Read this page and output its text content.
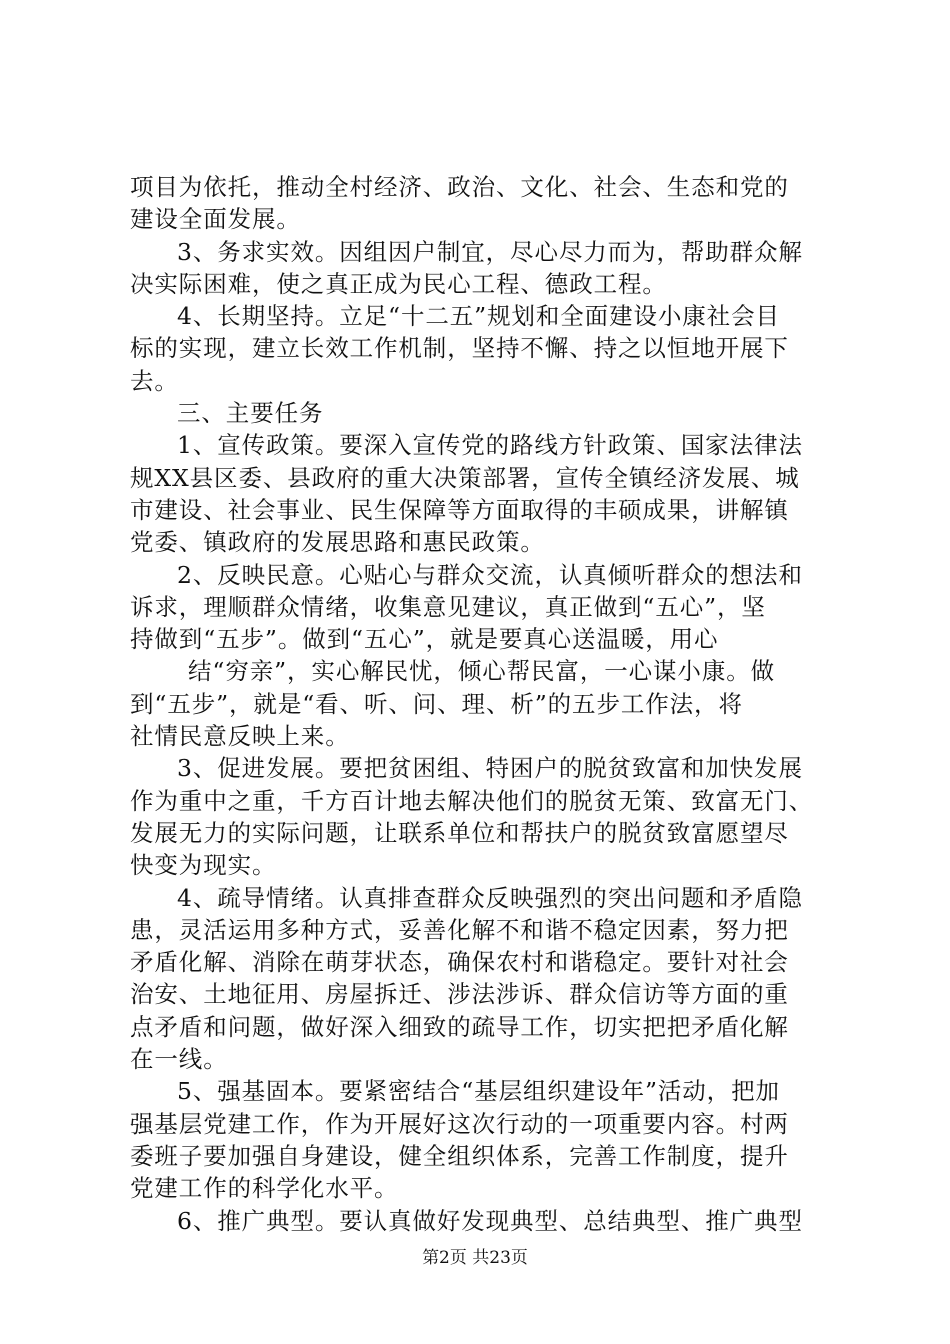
项目为依托，推动全村经济、政治、文化、社会、生态和党的
建设全面发展。
3、务求实效。因组因户制宜，尽心尽力而为，帮助群众解
决实际困难，使之真正成为民心工程、德政工程。
4、长期坚持。立足“十二五”规划和全面建设小康社会目
标的实现，建立长效工作机制，坚持不懈、持之以恒地开展下
去。
三、主要任务
1、宣传政策。要深入宣传党的路线方针政策、国家法律法
规XX县区委、县政府的重大决策部署，宣传全镇经济发展、城
市建设、社会事业、民生保障等方面取得的丰硕成果，讲解镇
党委、镇政府的发展思路和惠民政策。
2、反映民意。心贴心与群众交流，认真倾听群众的想法和
诉求，理顺群众情绪，收集意见建议，真正做到“五心”，坚
持做到“五步”。做到“五心”，就是要真心送温暖，用心
结“穷亲”，实心解民忧，倾心帮民富，一心谋小康。做
到“五步”，就是“看、听、问、理、析”的五步工作法，将
社情民意反映上来。
3、促进发展。要把贫困组、特困户的脱贫致富和加快发展
作为重中之重，千方百计地去解决他们的脱贫无策、致富无门、
发展无力的实际问题，让联系单位和帮扶户的脱贫致富愿望尽
快变为现实。
4、疏导情绪。认真排查群众反映强烈的突出问题和矛盾隐
患，灵活运用多种方式，妥善化解不和谐不稳定因素，努力把
矛盾化解、消除在萌芽状态，确保农村和谐稳定。要针对社会
治安、土地征用、房屋拆迁、涉法涉诉、群众信访等方面的重
点矛盾和问题，做好深入细致的疏导工作，切实把把矛盾化解
在一线。
5、强基固本。要紧密结合“基层组织建设年”活动，把加
强基层党建工作，作为开展好这次行动的一项重要内容。村两
委班子要加强自身建设，健全组织体系，完善工作制度，提升
党建工作的科学化水平。
6、推广典型。要认真做好发现典型、总结典型、推广典型
第2页 共23页
